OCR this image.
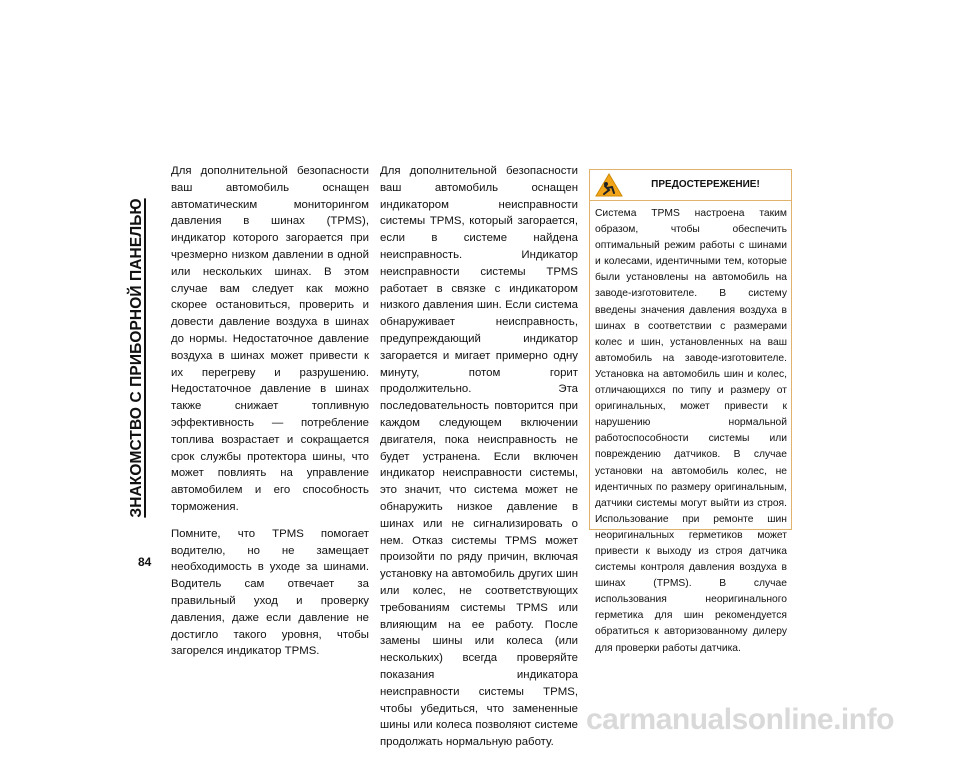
ЗНАКОМСТВО С ПРИБОРНОЙ ПАНЕЛЬЮ
84

Для дополнительной безопасности ваш автомобиль оснащен автоматическим мониторингом давления в шинах (TPMS), индикатор которого загорается при чрезмерно низком давлении в одной или нескольких шинах. В этом случае вам следует как можно скорее остановиться, проверить и довести давление воздуха в шинах до нормы. Недостаточное давление воздуха в шинах может привести к их перегреву и разрушению. Недостаточное давление в шинах также снижает топливную эффективность — потребление топлива возрастает и сокращается срок службы протектора шины, что может повлиять на управление автомобилем и его способность торможения.

Помните, что TPMS помогает водителю, но не замещает необходимость в уходе за шинами. Водитель сам отвечает за правильный уход и проверку давления, даже если давление не достигло такого уровня, чтобы загорелся индикатор TPMS.

Для дополнительной безопасности ваш автомобиль оснащен индикатором неисправности системы TPMS, который загорается, если в системе найдена неисправность. Индикатор неисправности системы TPMS работает в связке с индикатором низкого давления шин. Если система обнаруживает неисправность, предупреждающий индикатор загорается и мигает примерно одну минуту, потом горит продолжительно. Эта последовательность повторится при каждом следующем включении двигателя, пока неисправность не будет устранена. Если включен индикатор неисправности системы, это значит, что система может не обнаружить низкое давление в шинах или не сигнализировать о нем. Отказ системы TPMS может произойти по ряду причин, включая установку на автомобиль других шин или колес, не соответствующих требованиям системы TPMS или влияющим на ее работу. После замены шины или колеса (или нескольких) всегда проверяйте показания индикатора неисправности системы TPMS, чтобы убедиться, что замененные шины или колеса позволяют системе продолжать нормальную работу.

ПРЕДОСТЕРЕЖЕНИЕ!
Система TPMS настроена таким образом, чтобы обеспечить оптимальный режим работы с шинами и колесами, идентичными тем, которые были установлены на автомобиль на заводе-изготовителе. В систему введены значения давления воздуха в шинах в соответствии с размерами колес и шин, установленных на ваш автомобиль на заводе-изготовителе. Установка на автомобиль шин и колес, отличающихся по типу и размеру от оригинальных, может привести к нарушению нормальной работоспособности системы или повреждению датчиков. В случае установки на автомобиль колес, не идентичных по размеру оригинальным, датчики системы могут выйти из строя. Использование при ремонте шин неоригинальных герметиков может привести к выходу из строя датчика системы контроля давления воздуха в шинах (TPMS). В случае использования неоригинального герметика для шин рекомендуется обратиться к авторизованному дилеру для проверки работы датчика.
carmanualsonline.info
